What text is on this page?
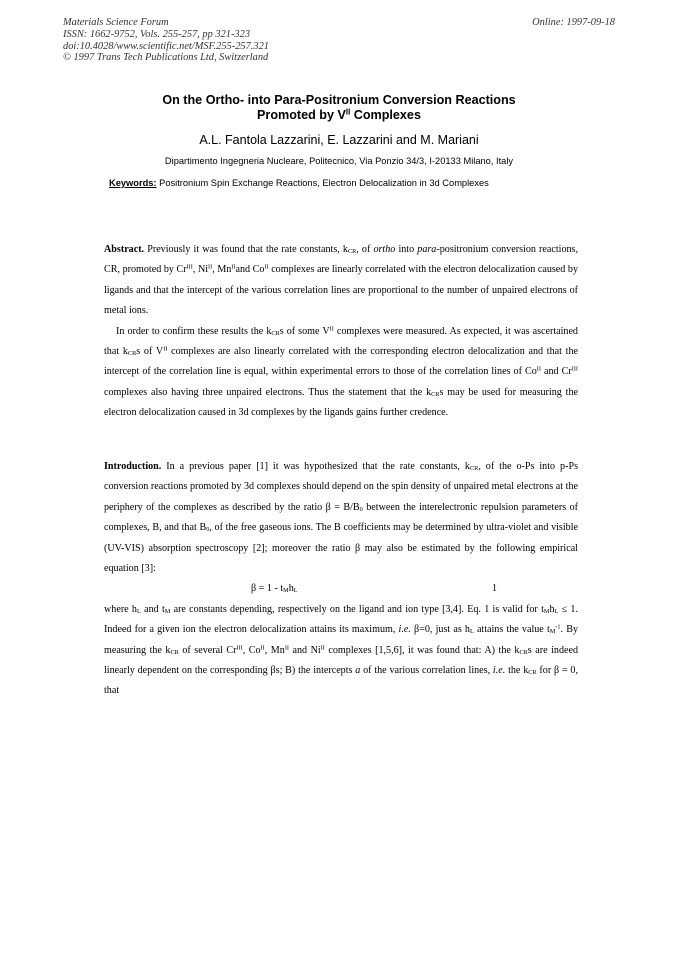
Materials Science Forum
ISSN: 1662-9752, Vols. 255-257, pp 321-323
doi:10.4028/www.scientific.net/MSF.255-257.321
© 1997 Trans Tech Publications Ltd, Switzerland
Online: 1997-09-18
On the Ortho- into Para-Positronium Conversion Reactions
Promoted by $V^{II}$ Complexes
A.L. Fantola Lazzarini, E. Lazzarini and M. Mariani
Dipartimento Ingegneria Nucleare, Politecnico, Via Ponzio 34/3, I-20133 Milano, Italy
Keywords: Positronium Spin Exchange Reactions, Electron Delocalization in 3d Complexes

Abstract. Previously it was found that the rate constants, $k_{CR}$, of ortho into para-positronium conversion reactions, CR, promoted by $Cr^{III}$, $Ni^{II}$, $Mn^{II}and$ $Co^{II}$ complexes are linearly correlated with the electron delocalization caused by ligands and that the intercept of the various correlation lines are proportional to the number of unpaired electrons of metal ions.

In order to confirm these results the $k_{CR}s$ of some $V^{II}$ complexes were measured. As expected, it was ascertained that $k_{CR}s$ of $V^{II}$ complexes are also linearly correlated with the corresponding electron delocalization and that the intercept of the correlation line is equal, within experimental errors to those of the correlation lines of $Co^{II}$ and $Cr^{III}$ complexes also having three unpaired electrons. Thus the statement that the $k_{CR}s$ may be used for measuring the electron delocalization caused in 3d complexes by the ligands gains further credence.

Introduction. In a previous paper [1] it was hypothesized that the rate constants, $k_{CR}$, of the o-Ps into p-Ps conversion reactions promoted by 3d complexes should depend on the spin density of unpaired metal electrons at the periphery of the complexes as described by the ratio $\beta = B/B_0$ between the interelectronic repulsion parameters of complexes, B, and that $B_0$, of the free gaseous ions. The B coefficients may be determined by ultra-violet and visible (UV-VIS) absorption spectroscopy [2]; moreover the ratio β may also be estimated by the following empirical equation [3]:

$\beta = 1 - t_Mh_L$	1

where $h_L$ and $t_M$ are constants depending, respectively on the ligand and ion type [3,4]. Eq. 1 is valid for $t_Mh_L \le 1$. Indeed for a given ion the electron delocalization attains its maximum, i.e. β=0, just as $h_L$ attains the value $t_M^{-1}$. By measuring the $k_{CR}$ of several $Cr^{III}$, $Co^{II}$, $Mn^{II}$ and $Ni^{II}$ complexes [1,5,6], it was found that: A) the $k_{CR}s$ are indeed linearly dependent on the corresponding βs; B) the intercepts a of the various correlation lines, i.e. the $k_{CR}$ for β = 0, that
